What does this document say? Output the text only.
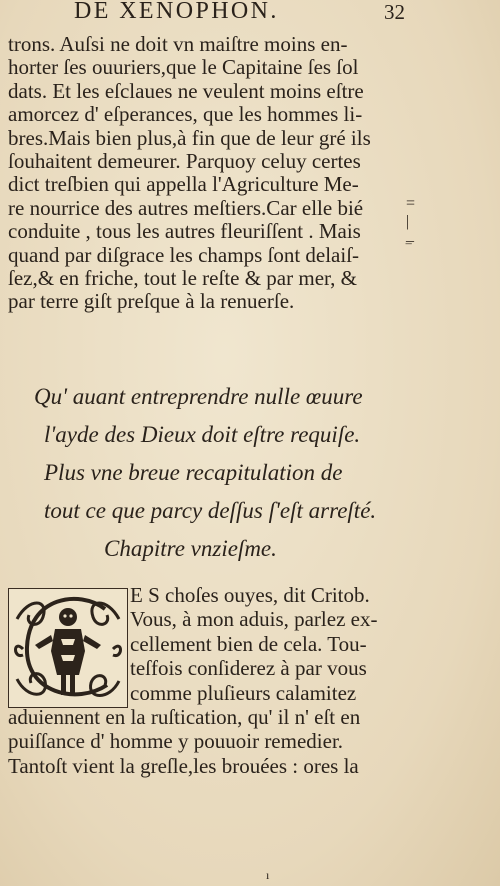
DE XENOPHON.	32
trons. Auſsi ne doit vn maiſtre moins en-
horter ſes ouuriers,que le Capitaine ſes ſol
dats. Et les eſclaues ne veulent moins eſtre
amorcez d' eſperances, que les hommes li-
bres.Mais bien plus,à fin que de leur gré ils
ſouhaitent demeurer. Parquoy celuy certes
dict treſbien qui appella l'Agriculture Me-
re nourrice des autres meſtiers.Car elle bié
conduite , tous les autres fleuriſſent . Mais
quand par diſgrace les champs ſont delaiſ-
ſez,& en friche, tout le reſte & par mer, &
par terre giſt preſque à la renuerſe.
=
|
_
‾
Qu' auant entreprendre nulle œuure
l'ayde des Dieux doit eſtre requiſe.
Plus vne breue recapitulation de
tout ce que parcy deſſus ſ'eſt arreſté.
Chapitre vnzieſme.
E S choſes ouyes, dit Critob.
Vous, à mon aduis, parlez ex-
cellement bien de cela. Tou-
teſfois conſiderez à par vous
comme pluſieurs calamitez
aduiennent en la ruſtication, qu' il n' eſt en
puiſſance d' homme y pouuoir remedier.
Tantoſt vient la greſle,les brouées : ores la
ı
